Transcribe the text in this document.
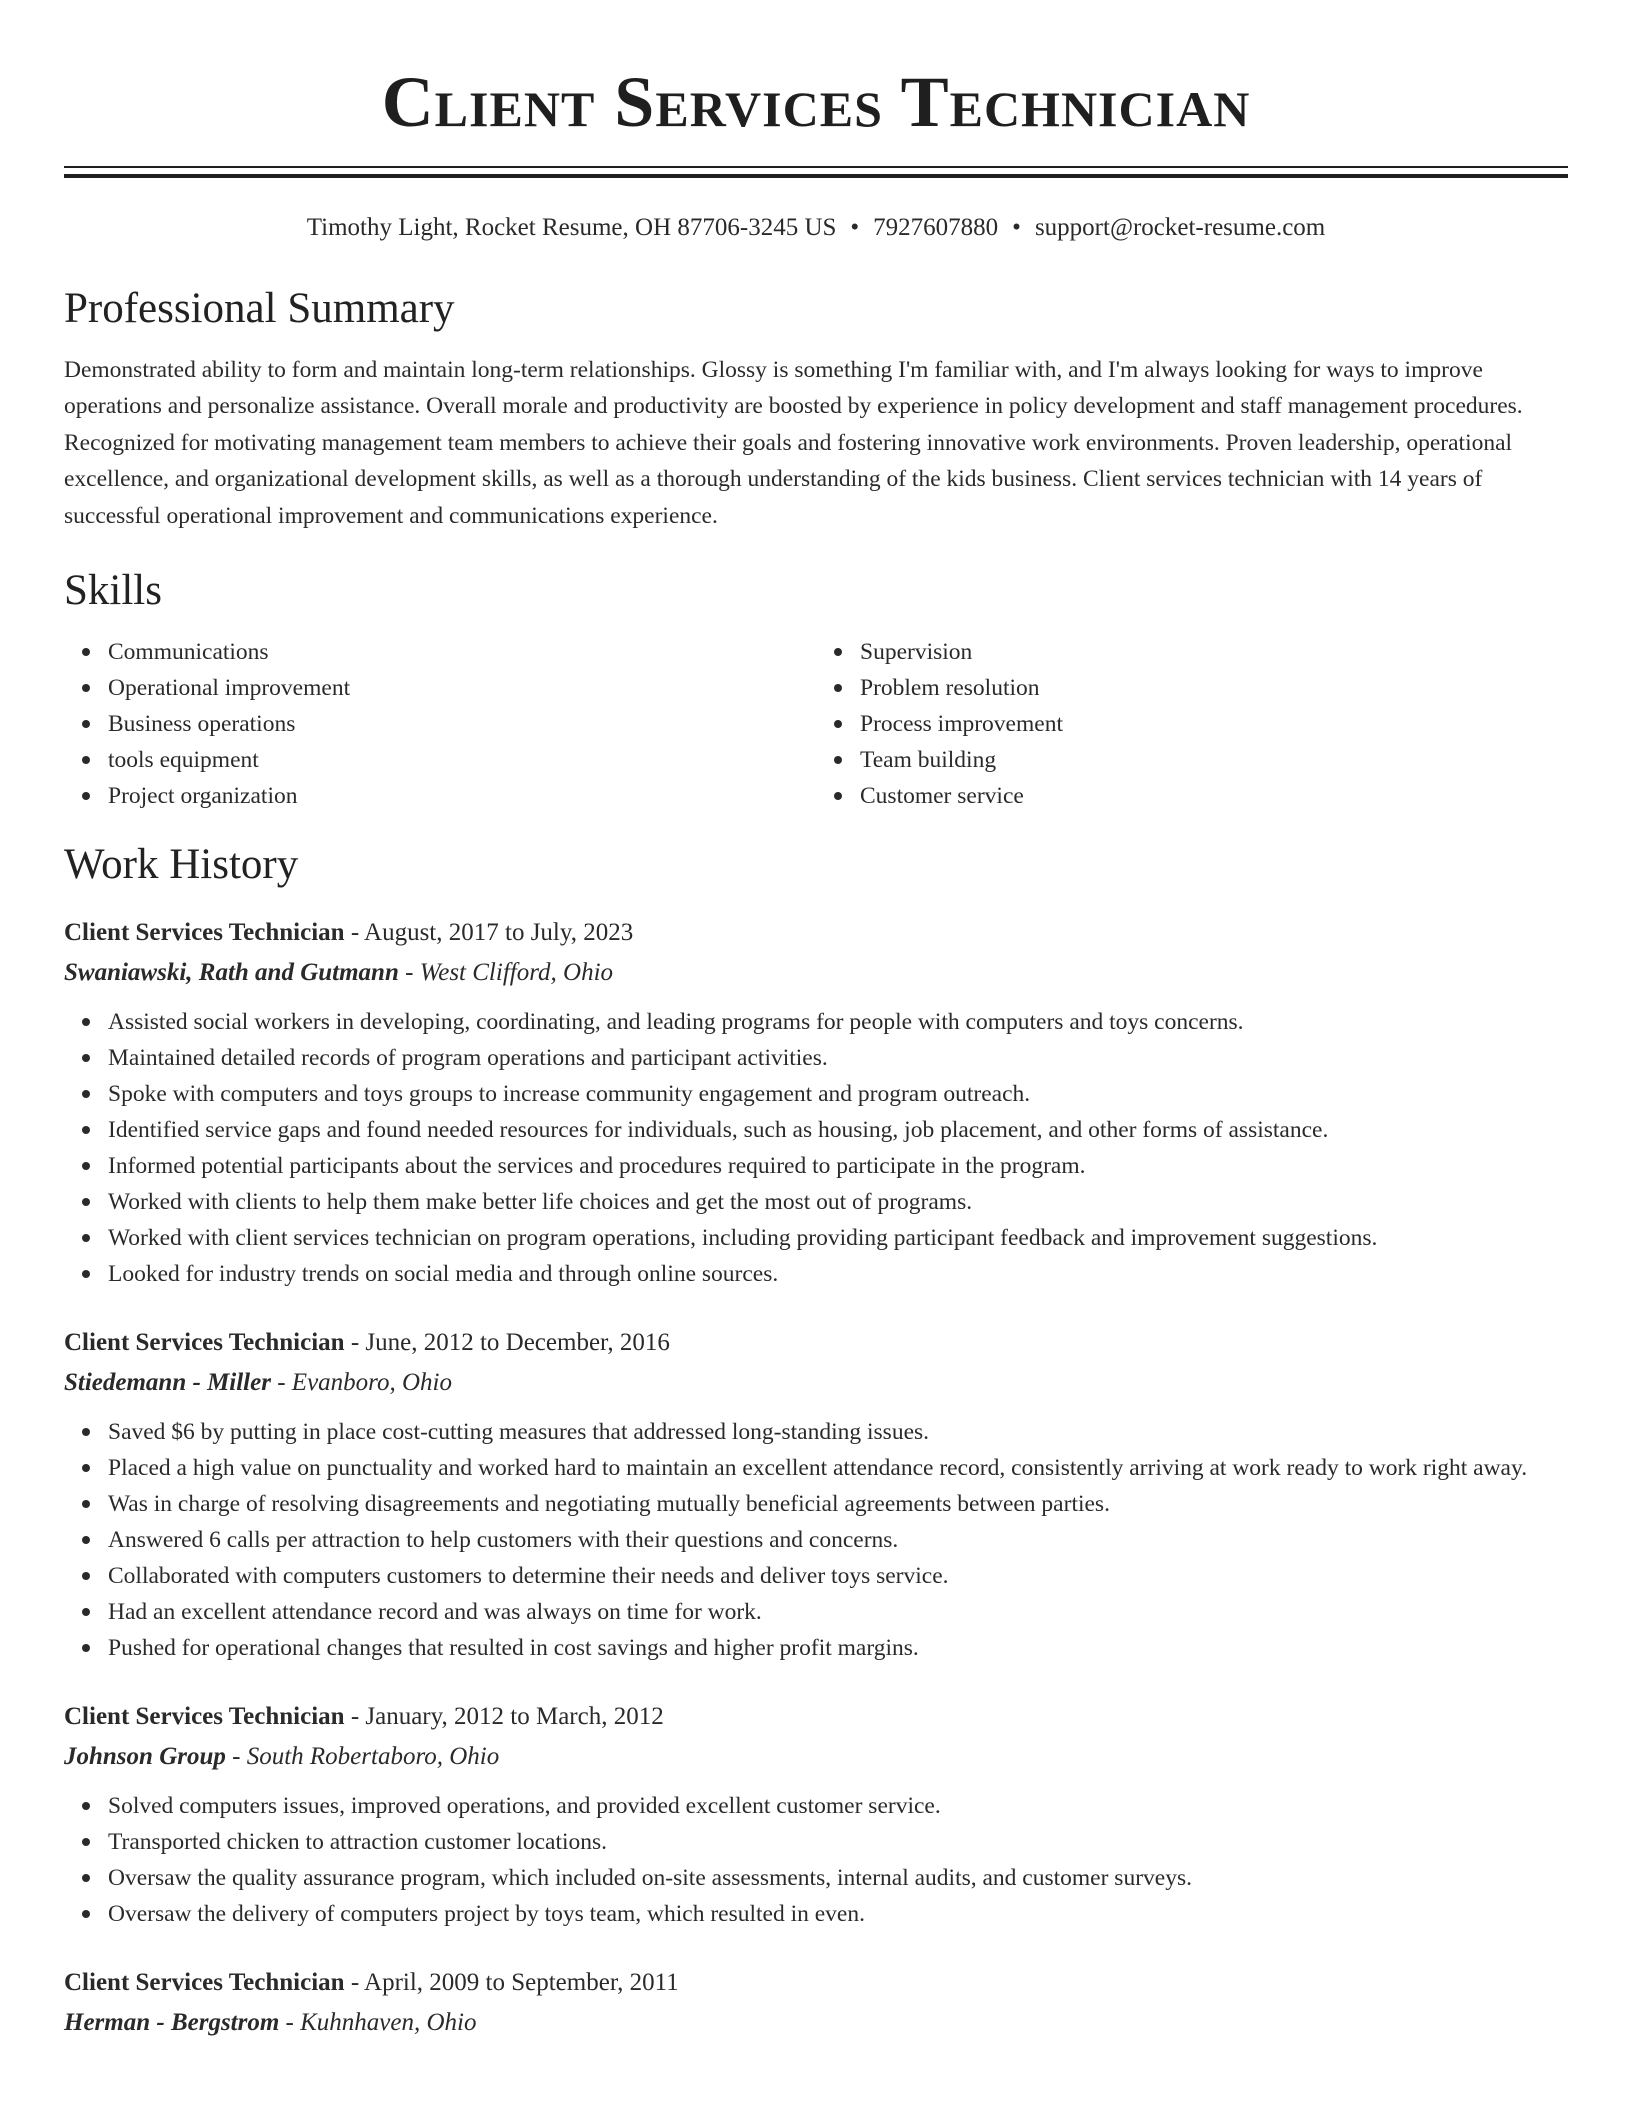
Client Services Technician
Timothy Light, Rocket Resume, OH 87706-3245 US • 7927607880 • support@rocket-resume.com
Professional Summary

Demonstrated ability to form and maintain long-term relationships. Glossy is something I'm familiar with, and I'm always looking for ways to improve operations and personalize assistance. Overall morale and productivity are boosted by experience in policy development and staff management procedures. Recognized for motivating management team members to achieve their goals and fostering innovative work environments. Proven leadership, operational excellence, and organizational development skills, as well as a thorough understanding of the kids business. Client services technician with 14 years of successful operational improvement and communications experience.

Skills
Communications
Operational improvement
Business operations
tools equipment
Project organization
Supervision
Problem resolution
Process improvement
Team building
Customer service
Work History
Client Services Technician - August, 2017 to July, 2023
Swaniawski, Rath and Gutmann - West Clifford, Ohio
Assisted social workers in developing, coordinating, and leading programs for people with computers and toys concerns.
Maintained detailed records of program operations and participant activities.
Spoke with computers and toys groups to increase community engagement and program outreach.
Identified service gaps and found needed resources for individuals, such as housing, job placement, and other forms of assistance.
Informed potential participants about the services and procedures required to participate in the program.
Worked with clients to help them make better life choices and get the most out of programs.
Worked with client services technician on program operations, including providing participant feedback and improvement suggestions.
Looked for industry trends on social media and through online sources.
Client Services Technician - June, 2012 to December, 2016
Stiedemann - Miller - Evanboro, Ohio
Saved $6 by putting in place cost-cutting measures that addressed long-standing issues.
Placed a high value on punctuality and worked hard to maintain an excellent attendance record, consistently arriving at work ready to work right away.
Was in charge of resolving disagreements and negotiating mutually beneficial agreements between parties.
Answered 6 calls per attraction to help customers with their questions and concerns.
Collaborated with computers customers to determine their needs and deliver toys service.
Had an excellent attendance record and was always on time for work.
Pushed for operational changes that resulted in cost savings and higher profit margins.
Client Services Technician - January, 2012 to March, 2012
Johnson Group - South Robertaboro, Ohio
Solved computers issues, improved operations, and provided excellent customer service.
Transported chicken to attraction customer locations.
Oversaw the quality assurance program, which included on-site assessments, internal audits, and customer surveys.
Oversaw the delivery of computers project by toys team, which resulted in even.
Client Services Technician - April, 2009 to September, 2011
Herman - Bergstrom - Kuhnhaven, Ohio
